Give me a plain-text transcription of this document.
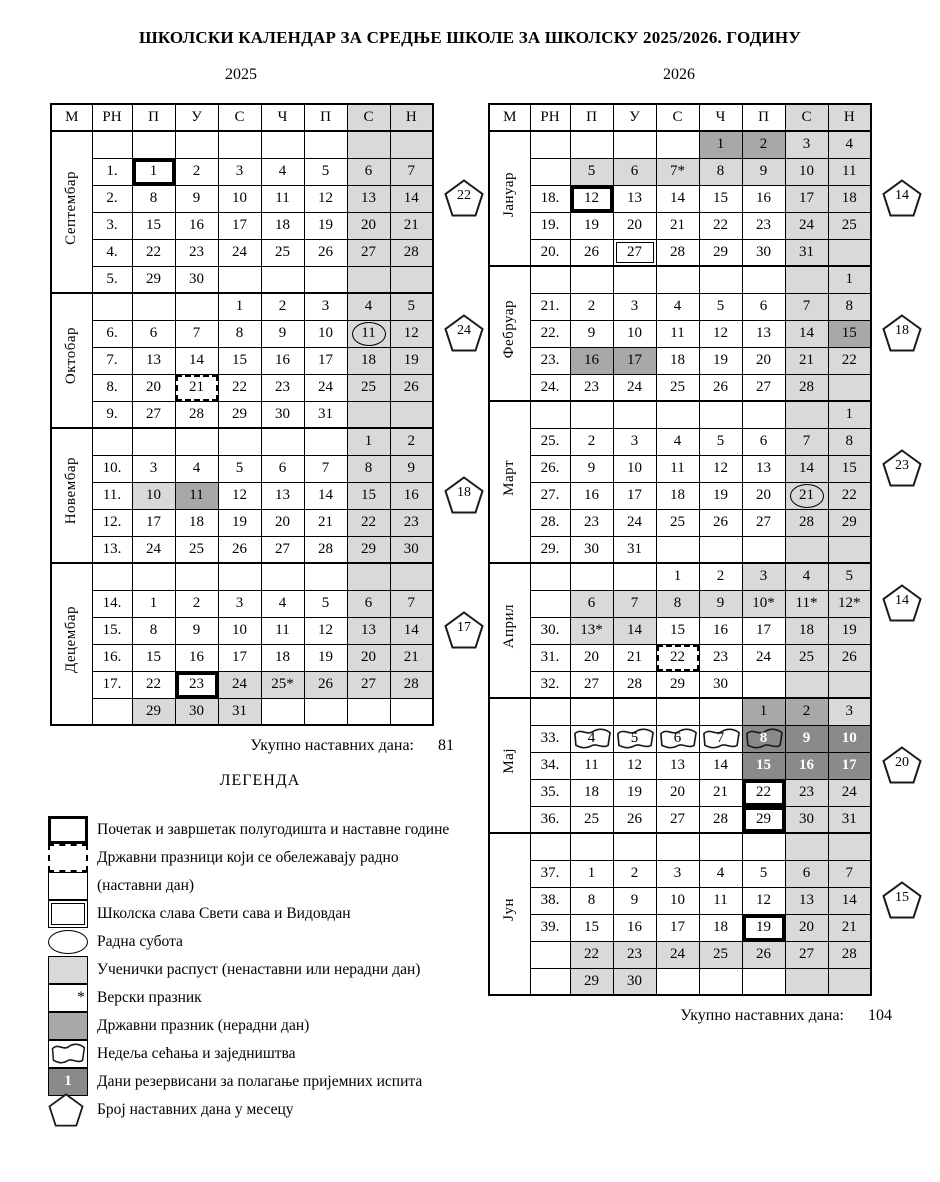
ШКОЛСКИ КАЛЕНДАР ЗА СРЕДЊЕ ШКОЛЕ ЗА ШКОЛСКУ 2025/2026. ГОДИНУ
2025
М	РН	П	У	С	Ч	П	С	Н
Септембар								
	1.	1	2	3	4	5	6	7
	2.	8	9	10	11	12	13	14
	3.	15	16	17	18	19	20	21
	4.	22	23	24	25	26	27	28
	5.	29	30					
Октобар				1	2	3	4	5
	6.	6	7	8	9	10	11	12
	7.	13	14	15	16	17	18	19
	8.	20	21	22	23	24	25	26
	9.	27	28	29	30	31		
Новембар							1	2
	10.	3	4	5	6	7	8	9
	11.	10	11	12	13	14	15	16
	12.	17	18	19	20	21	22	23
	13.	24	25	26	27	28	29	30
Децембар								
	14.	1	2	3	4	5	6	7
	15.	8	9	10	11	12	13	14
	16.	15	16	17	18	19	20	21
	17.	22	23	24	25*	26	27	28
		29	30	31				
Укупно наставних дана: 81
22
24
18
17
2026
М	РН	П	У	С	Ч	П	С	Н
Јануар					1	2	3	4
		5	6	7*	8	9	10	11
	18.	12	13	14	15	16	17	18
	19.	19	20	21	22	23	24	25
	20.	26	27	28	29	30	31	
Фебруар								1
	21.	2	3	4	5	6	7	8
	22.	9	10	11	12	13	14	15
	23.	16	17	18	19	20	21	22
	24.	23	24	25	26	27	28	
Март								1
	25.	2	3	4	5	6	7	8
	26.	9	10	11	12	13	14	15
	27.	16	17	18	19	20	21	22
	28.	23	24	25	26	27	28	29
	29.	30	31					
Април				1	2	3	4	5
		6	7	8	9	10*	11*	12*
	30.	13*	14	15	16	17	18	19
	31.	20	21	22	23	24	25	26
	32.	27	28	29	30			
Мај						1	2	3
	33.	4	5	6	7	8	9	10
	34.	11	12	13	14	15	16	17
	35.	18	19	20	21	22	23	24
	36.	25	26	27	28	29	30	31
Јун								
	37.	1	2	3	4	5	6	7
	38.	8	9	10	11	12	13	14
	39.	15	16	17	18	19	20	21
		22	23	24	25	26	27	28
		29	30					
Укупно наставних дана: 104
14
18
23
14
20
15
ЛЕГЕНДА
Почетак и завршетак полугодишта и наставне године
Државни празници који се обележавају радно
(наставни дан)
Школска слава Свети сава и Видовдан
Радна субота
Ученички распуст (ненаставни или нерадни дан)
* Верски празник
Државни празник (нерадни дан)
Недеља сећања и заједништва
1	Дани резервисани за полагање пријемних испита
Број наставних дана у месецу
